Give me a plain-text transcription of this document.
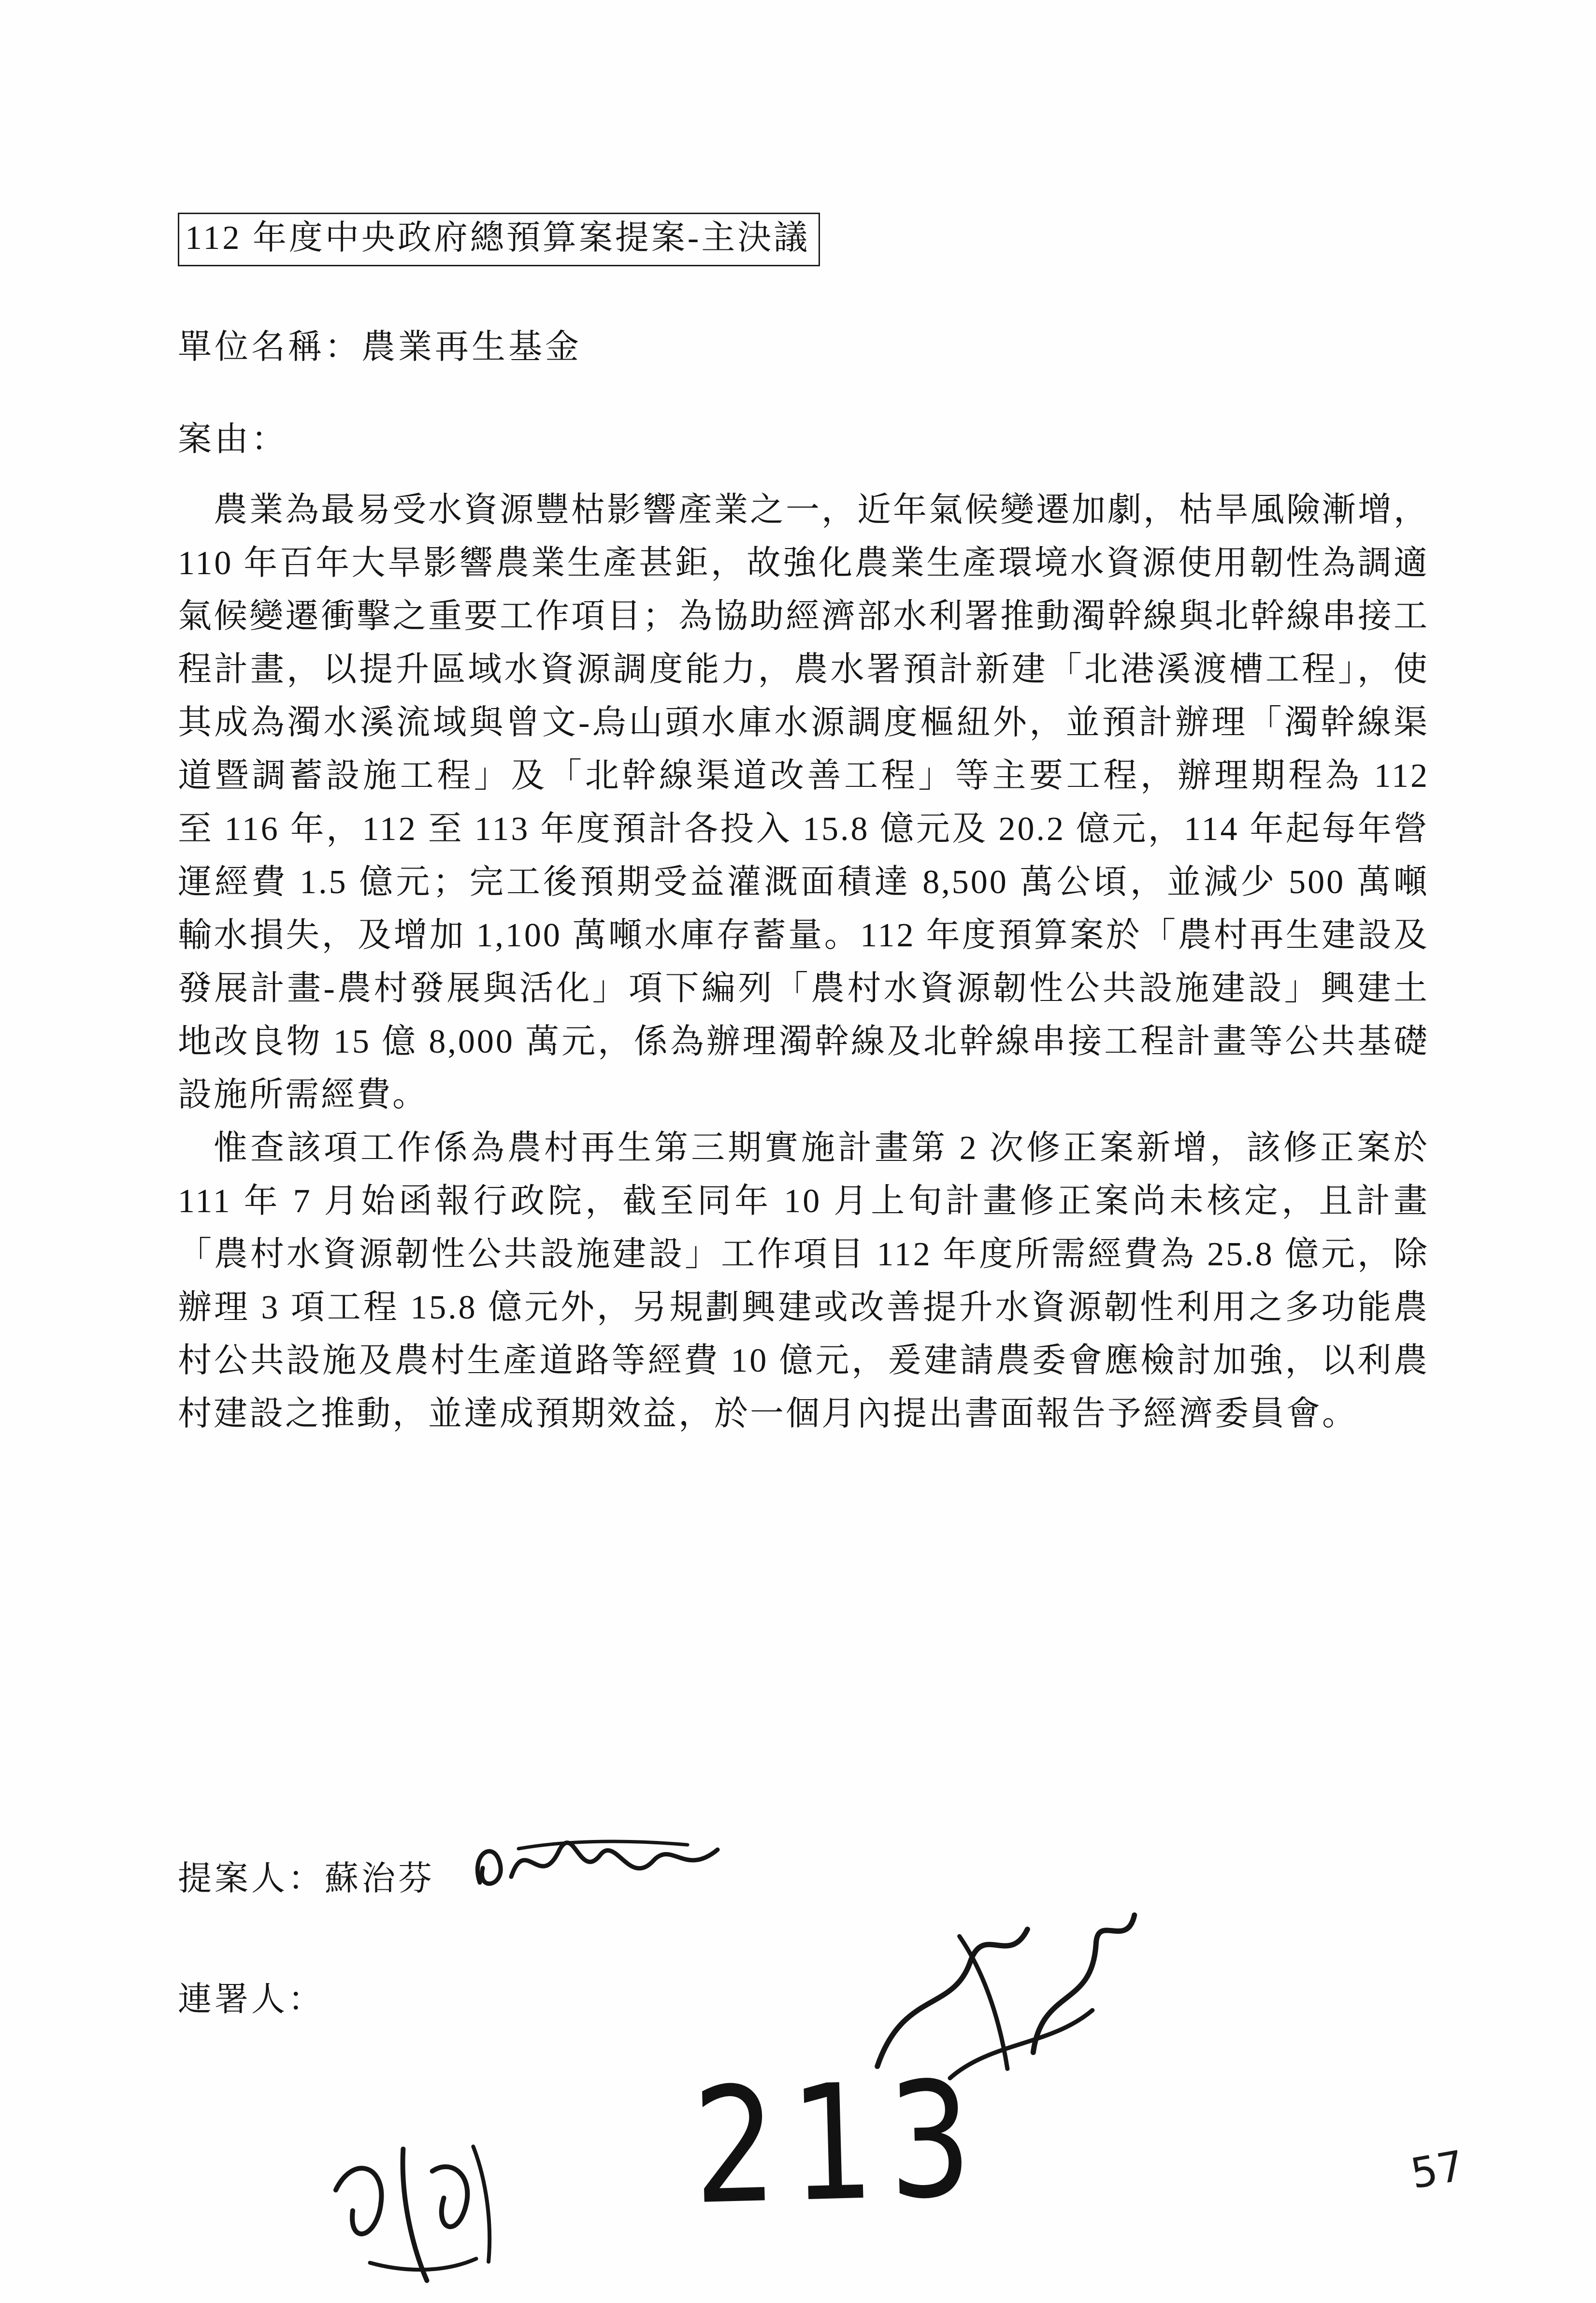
112 年度中央政府總預算案提案-主決議
單位名稱：農業再生基金
案由：
農業為最易受水資源豐枯影響產業之一，近年氣候變遷加劇，枯旱風險漸增，110 年百年大旱影響農業生產甚鉅，故強化農業生產環境水資源使用韌性為調適氣候變遷衝擊之重要工作項目；為協助經濟部水利署推動濁幹線與北幹線串接工程計畫，以提升區域水資源調度能力，農水署預計新建「北港溪渡槽工程」，使其成為濁水溪流域與曾文-烏山頭水庫水源調度樞紐外，並預計辦理「濁幹線渠道暨調蓄設施工程」及「北幹線渠道改善工程」等主要工程，辦理期程為 112 至 116 年，112 至 113 年度預計各投入 15.8 億元及 20.2 億元，114 年起每年營運經費 1.5 億元；完工後預期受益灌溉面積達 8,500 萬公頃，並減少 500 萬噸輸水損失，及增加 1,100 萬噸水庫存蓄量。112 年度預算案於「農村再生建設及發展計畫-農村發展與活化」項下編列「農村水資源韌性公共設施建設」興建土地改良物 15 億 8,000 萬元，係為辦理濁幹線及北幹線串接工程計畫等公共基礎設施所需經費。
惟查該項工作係為農村再生第三期實施計畫第 2 次修正案新增，該修正案於 111 年 7 月始函報行政院，截至同年 10 月上旬計畫修正案尚未核定，且計畫「農村水資源韌性公共設施建設」工作項目 112 年度所需經費為 25.8 億元，除辦理 3 項工程 15.8 億元外，另規劃興建或改善提升水資源韌性利用之多功能農村公共設施及農村生產道路等經費 10 億元，爰建請農委會應檢討加強，以利農村建設之推動，並達成預期效益，於一個月內提出書面報告予經濟委員會。
提案人：蘇治芬
連署人：
213	57
